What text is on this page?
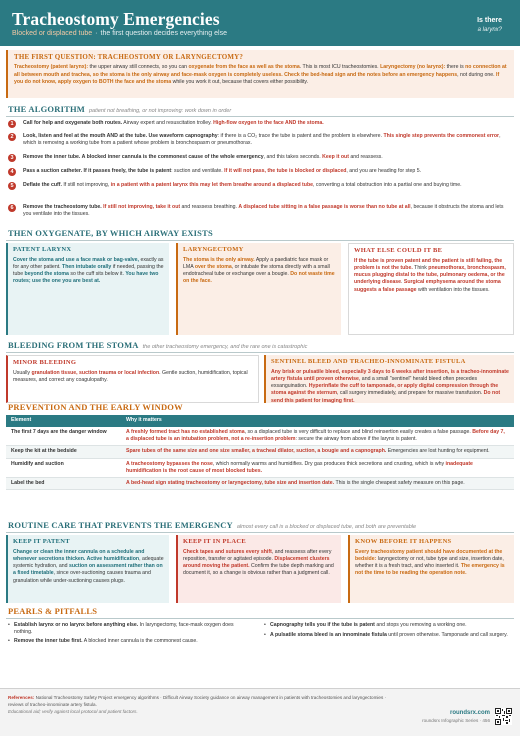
Tracheostomy Emergencies
Blocked or displaced tube · the first question decides everything else
Is there
a larynx?
THE FIRST QUESTION: TRACHEOSTOMY OR LARYNGECTOMY?
Tracheostomy (patent larynx): the upper airway still connects, so you can oxygenate from the face as well as the stoma. This is most ICU tracheostomies. Laryngectomy (no larynx): there is no connection at all between mouth and trachea, so the stoma is the only airway and face-mask oxygen is completely useless. Check the bed-head sign and the notes before an emergency happens, not during one. If you do not know, apply oxygen to BOTH the face and the stoma while you work it out, because that covers either possibility.
THE ALGORITHM patient not breathing, or not improving: work down in order
1	Call for help and oxygenate both routes. Airway expert and resuscitation trolley. High-flow oxygen to the face AND the stoma.
2	Look, listen and feel at the mouth AND at the tube. Use waveform capnography: if there is a CO₂ trace the tube is patent and the problem is elsewhere. This single step prevents the commonest error, which is removing a working tube from a patient whose problem is bronchospasm or pneumothorax.
3	Remove the inner tube. A blocked inner cannula is the commonest cause of the whole emergency, and this takes seconds. Keep it out and reassess.
4	Pass a suction catheter. If it passes freely, the tube is patent: suction and ventilate. If it will not pass, the tube is blocked or displaced, and you are heading for step 5.
5	Deflate the cuff. If still not improving, in a patient with a patent larynx this may let them breathe around a displaced tube, converting a total obstruction into a partial one and buying time.
6	Remove the tracheostomy tube. If still not improving, take it out and reassess breathing. A displaced tube sitting in a false passage is worse than no tube at all, because it obstructs the stoma and lets you ventilate into the tissues.
THEN OXYGENATE, BY WHICH AIRWAY EXISTS
PATENT LARYNX
Cover the stoma and use a face mask or bag-valve, exactly as for any other patient. Then intubate orally if needed, passing the tube beyond the stoma so the cuff sits below it. You have two routes; use the one you are best at.
LARYNGECTOMY
The stoma is the only airway. Apply a paediatric face mask or LMA over the stoma, or intubate the stoma directly with a small endotracheal tube or exchange over a bougie. Do not waste time on the face.
WHAT ELSE COULD IT BE
If the tube is proven patent and the patient is still failing, the problem is not the tube. Think pneumothorax, bronchospasm, mucus plugging distal to the tube, pulmonary oedema, or the underlying disease. Surgical emphysema around the stoma suggests a false passage with ventilation into the tissues.
BLEEDING FROM THE STOMA the other tracheostomy emergency, and the rare one is catastrophic
MINOR BLEEDING
Usually granulation tissue, suction trauma or local infection. Gentle suction, humidification, topical measures, and correct any coagulopathy.
SENTINEL BLEED AND TRACHEO-INNOMINATE FISTULA
Any brisk or pulsatile bleed, especially 3 days to 6 weeks after insertion, is a tracheo-innominate artery fistula until proven otherwise, and a small "sentinel" herald bleed often precedes exsanguination. Hyperinflate the cuff to tamponade, or apply digital compression through the stoma against the sternum, call surgery immediately, and prepare for massive transfusion. Do not send this patient for imaging first.
PREVENTION AND THE EARLY WINDOW
Element	Why it matters
The first 7 days are the danger window	A freshly formed tract has no established stoma, so a displaced tube is very difficult to replace and blind reinsertion easily creates a false passage. Before day 7, a displaced tube is an intubation problem, not a re-insertion problem: secure the airway from above if the larynx is patent.
Keep the kit at the bedside	Spare tubes of the same size and one size smaller, a tracheal dilator, suction, a bougie and a capnograph. Emergencies are lost hunting for equipment.
Humidify and suction	A tracheostomy bypasses the nose, which normally warms and humidifies. Dry gas produces thick secretions and crusting, which is why inadequate humidification is the root cause of most blocked tubes.
Label the bed	A bed-head sign stating tracheostomy or laryngectomy, tube size and insertion date. This is the single cheapest safety measure on this page.
ROUTINE CARE THAT PREVENTS THE EMERGENCY almost every call is a blocked or displaced tube, and both are preventable
KEEP IT PATENT
Change or clean the inner cannula on a schedule and whenever secretions thicken. Active humidification, adequate systemic hydration, and suction on assessment rather than on a fixed timetable, since over-suctioning causes trauma and granulation while under-suctioning causes plugs.
KEEP IT IN PLACE
Check tapes and sutures every shift, and reassess after every reposition, transfer or agitated episode. Displacement clusters around moving the patient. Confirm the tube depth marking and document it, so a change is obvious rather than a judgment call.
KNOW BEFORE IT HAPPENS
Every tracheostomy patient should have documented at the bedside: laryngectomy or not, tube type and size, insertion date, whether it is a fresh tract, and who inserted it. The emergency is not the time to be reading the operation note.
PEARLS & PITFALLS
• Establish larynx or no larynx before anything else. In laryngectomy, face-mask oxygen does nothing.
• Remove the inner tube first. A blocked inner cannula is the commonest cause.
• Capnography tells you if the tube is patent and stops you removing a working one.
• A pulsatile stoma bleed is an innominate fistula until proven otherwise. Tamponade and call surgery.
References: National Tracheostomy Safety Project emergency algorithms · Difficult Airway Society guidance on airway management in patients with tracheostomies and laryngectomies · reviews of tracheo-innominate artery fistula.
Educational aid; verify against local protocol and patient factors.	roundsrx.com
roundsrx Infographic Series · 456
